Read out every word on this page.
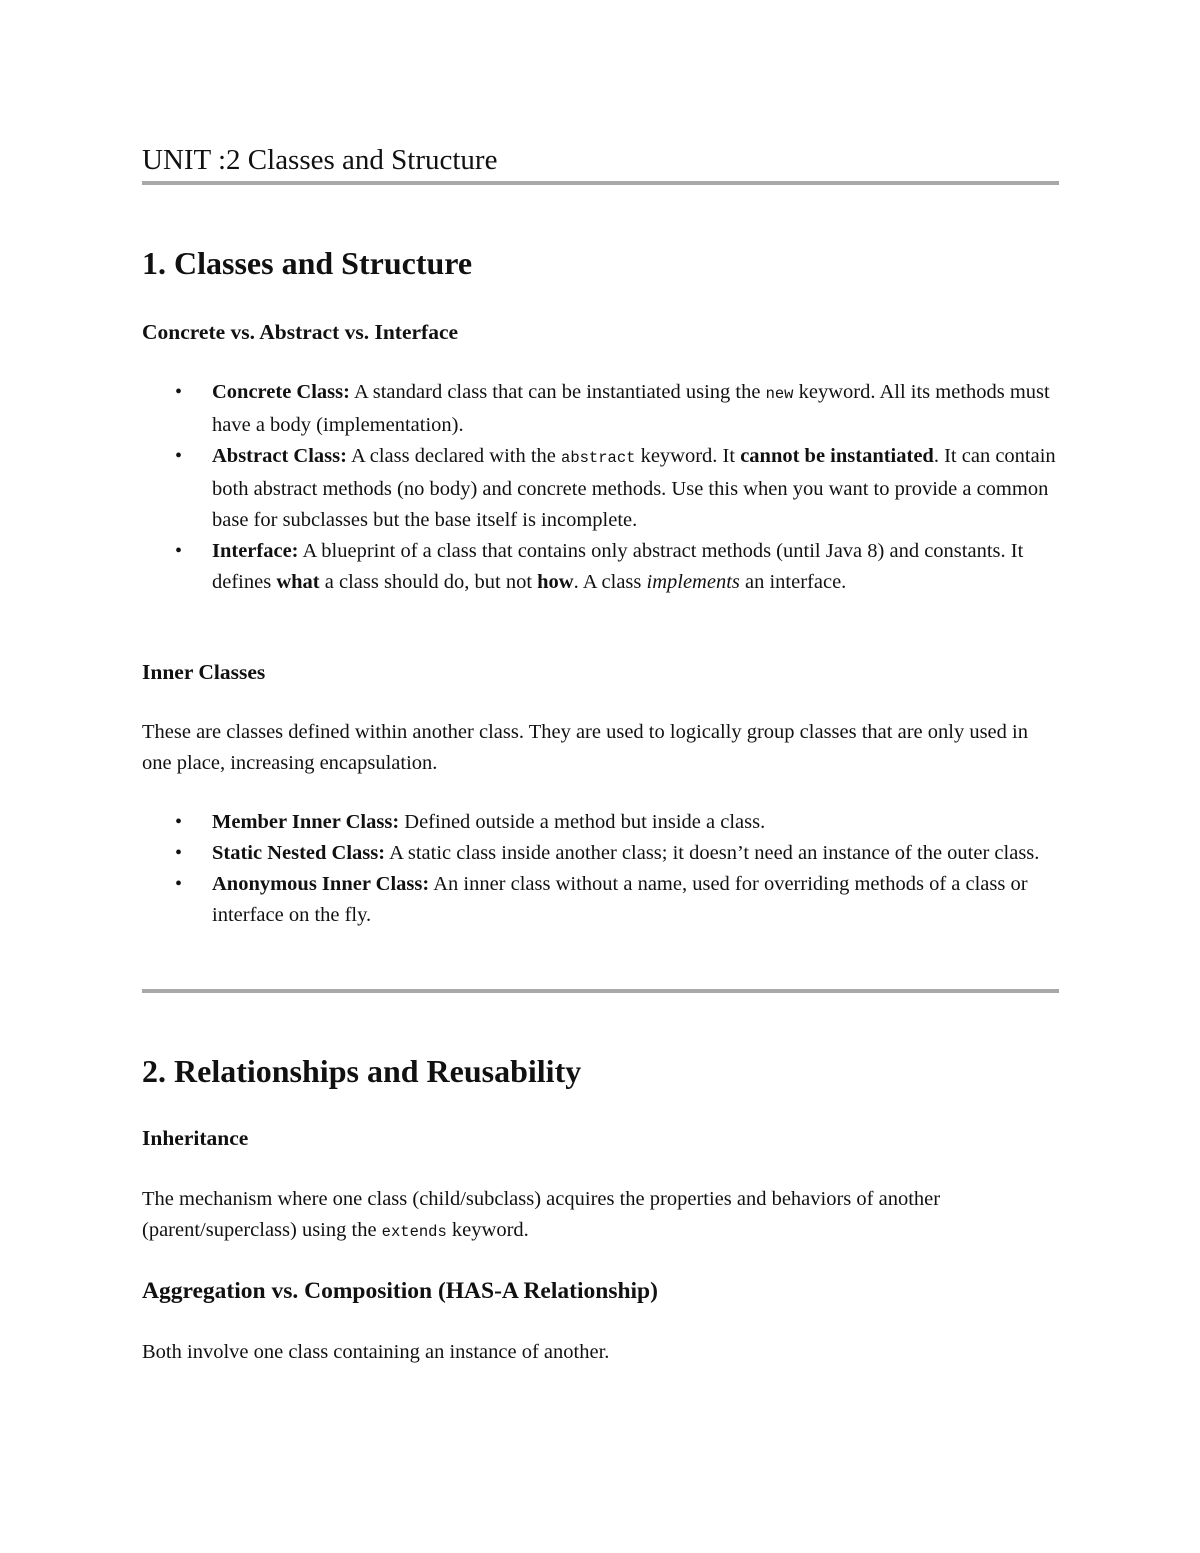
UNIT :2 Classes and Structure
1. Classes and Structure
Concrete vs. Abstract vs. Interface
• Concrete Class: A standard class that can be instantiated using the new keyword. All its methods must have a body (implementation).
• Abstract Class: A class declared with the abstract keyword. It cannot be instantiated. It can contain both abstract methods (no body) and concrete methods. Use this when you want to provide a common base for subclasses but the base itself is incomplete.
• Interface: A blueprint of a class that contains only abstract methods (until Java 8) and constants. It defines what a class should do, but not how. A class implements an interface.
Inner Classes

These are classes defined within another class. They are used to logically group classes that are only used in one place, increasing encapsulation.

• Member Inner Class: Defined outside a method but inside a class.
• Static Nested Class: A static class inside another class; it doesn’t need an instance of the outer class.
• Anonymous Inner Class: An inner class without a name, used for overriding methods of a class or interface on the fly.
2. Relationships and Reusability
Inheritance

The mechanism where one class (child/subclass) acquires the properties and behaviors of another (parent/superclass) using the extends keyword.

Aggregation vs. Composition (HAS-A Relationship)

Both involve one class containing an instance of another.
